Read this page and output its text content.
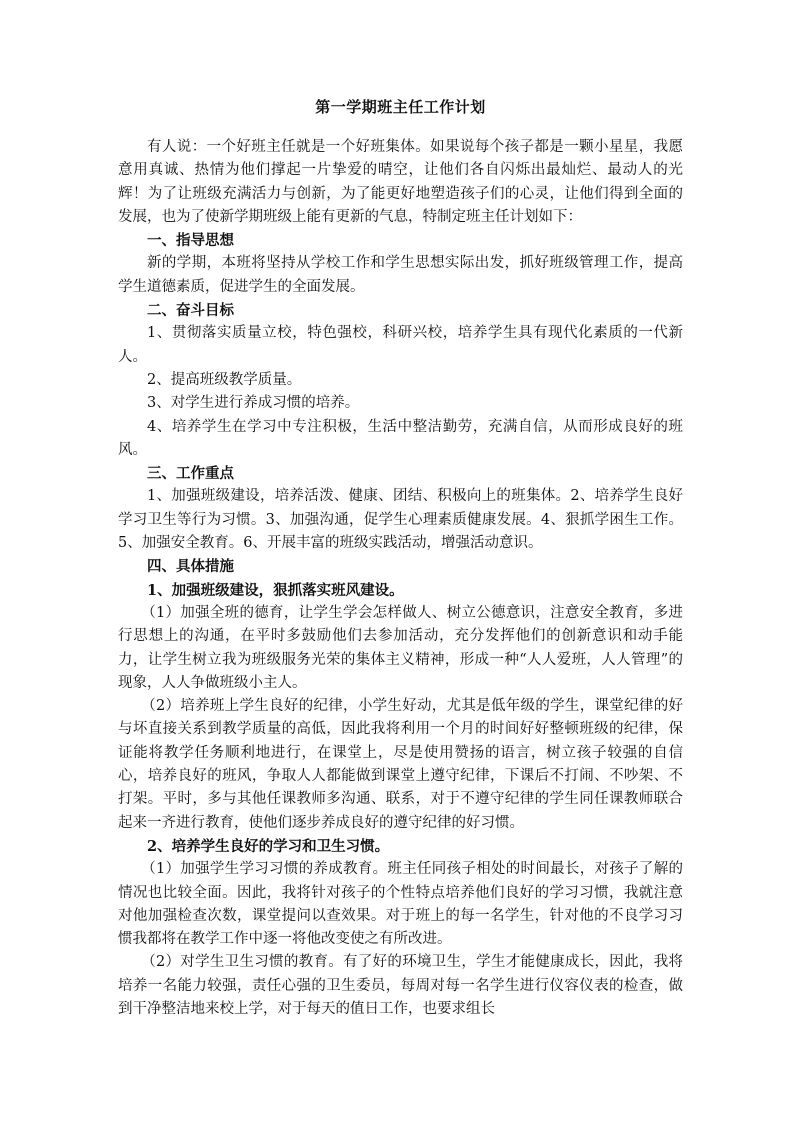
第一学期班主任工作计划

有人说：一个好班主任就是一个好班集体。如果说每个孩子都是一颗小星星，我愿意用真诚、热情为他们撑起一片挚爱的晴空，让他们各自闪烁出最灿烂、最动人的光辉！为了让班级充满活力与创新，为了能更好地塑造孩子们的心灵，让他们得到全面的发展，也为了使新学期班级上能有更新的气息，特制定班主任计划如下：

一、指导思想

新的学期，本班将坚持从学校工作和学生思想实际出发，抓好班级管理工作，提高学生道德素质，促进学生的全面发展。

二、奋斗目标

1、贯彻落实质量立校，特色强校，科研兴校，培养学生具有现代化素质的一代新人。

2、提高班级教学质量。

3、对学生进行养成习惯的培养。

4、培养学生在学习中专注积极，生活中整洁勤劳，充满自信，从而形成良好的班风。

三、工作重点

1、加强班级建设，培养活泼、健康、团结、积极向上的班集体。2、培养学生良好学习卫生等行为习惯。3、加强沟通，促学生心理素质健康发展。4、狠抓学困生工作。5、加强安全教育。6、开展丰富的班级实践活动，增强活动意识。

四、具体措施

1、加强班级建设，狠抓落实班风建设。

（1）加强全班的德育，让学生学会怎样做人、树立公德意识，注意安全教育，多进行思想上的沟通，在平时多鼓励他们去参加活动，充分发挥他们的创新意识和动手能力，让学生树立我为班级服务光荣的集体主义精神，形成一种“人人爱班，人人管理”的现象，人人争做班级小主人。

（2）培养班上学生良好的纪律，小学生好动，尤其是低年级的学生，课堂纪律的好与坏直接关系到教学质量的高低，因此我将利用一个月的时间好好整顿班级的纪律，保证能将教学任务顺利地进行，在课堂上，尽是使用赞扬的语言，树立孩子较强的自信心，培养良好的班风，争取人人都能做到课堂上遵守纪律，下课后不打闹、不吵架、不打架。平时，多与其他任课教师多沟通、联系，对于不遵守纪律的学生同任课教师联合起来一齐进行教育，使他们逐步养成良好的遵守纪律的好习惯。

2、培养学生良好的学习和卫生习惯。

（1）加强学生学习习惯的养成教育。班主任同孩子相处的时间最长，对孩子了解的情况也比较全面。因此，我将针对孩子的个性特点培养他们良好的学习习惯，我就注意对他加强检查次数，课堂提问以查效果。对于班上的每一名学生，针对他的不良学习习惯我都将在教学工作中逐一将他改变使之有所改进。

（2）对学生卫生习惯的教育。有了好的环境卫生，学生才能健康成长，因此，我将培养一名能力较强，责任心强的卫生委员，每周对每一名学生进行仪容仪表的检查，做到干净整洁地来校上学，对于每天的值日工作，也要求组长
